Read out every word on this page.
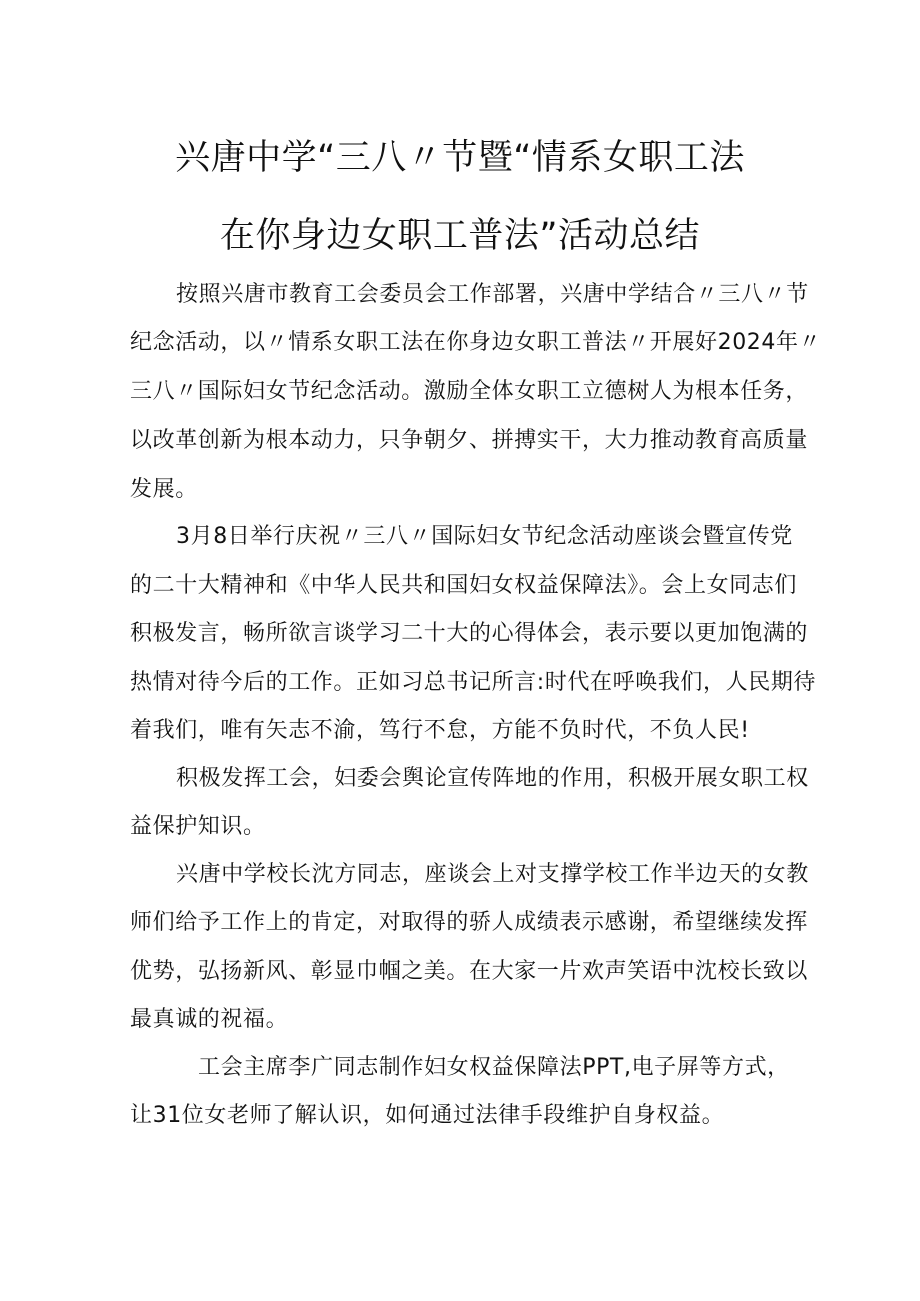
兴唐中学“三八〃节暨“情系女职工法
在你身边女职工普法”活动总结
按照兴唐市教育工会委员会工作部署，兴唐中学结合〃三八〃节
纪念活动，以〃情系女职工法在你身边女职工普法〃开展好2024年〃
三八〃国际妇女节纪念活动。激励全体女职工立德树人为根本任务，
以改革创新为根本动力，只争朝夕、拼搏实干，大力推动教育高质量
发展。
3月8日举行庆祝〃三八〃国际妇女节纪念活动座谈会暨宣传党
的二十大精神和《中华人民共和国妇女权益保障法》。会上女同志们
积极发言，畅所欲言谈学习二十大的心得体会，表示要以更加饱满的
热情对待今后的工作。正如习总书记所言:时代在呼唤我们，人民期待
着我们，唯有矢志不渝，笃行不怠，方能不负时代，不负人民!
积极发挥工会，妇委会舆论宣传阵地的作用，积极开展女职工权
益保护知识。
兴唐中学校长沈方同志，座谈会上对支撑学校工作半边天的女教
师们给予工作上的肯定，对取得的骄人成绩表示感谢，希望继续发挥
优势，弘扬新风、彰显巾帼之美。在大家一片欢声笑语中沈校长致以
最真诚的祝福。
工会主席李广同志制作妇女权益保障法PPT,电子屏等方式，
让31位女老师了解认识，如何通过法律手段维护自身权益。
